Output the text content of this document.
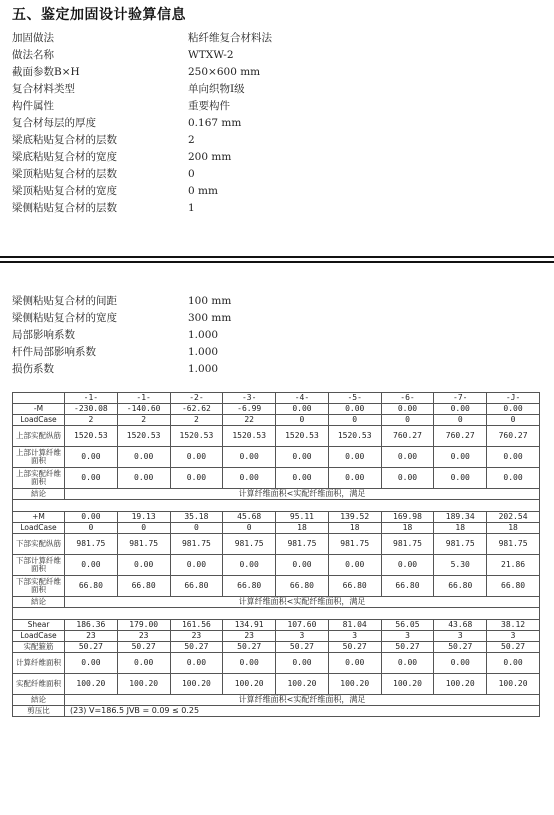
五、鉴定加固设计验算信息
加固做法	粘纤维复合材料法
做法名称	WTXW-2
截面参数B×H	250×600 mm
复合材料类型	单向织物I级
构件属性	重要构件
复合材每层的厚度	0.167 mm
梁底粘贴复合材的层数	2
梁底粘贴复合材的宽度	200 mm
梁顶粘贴复合材的层数	0
梁顶粘贴复合材的宽度	0 mm
梁侧粘贴复合材的层数	1
梁侧粘贴复合材的间距	100 mm
梁侧粘贴复合材的宽度	300 mm
局部影响系数	1.000
杆件局部影响系数	1.000
损伤系数	1.000
	-1-	-1-	-2-	-3-	-4-	-5-	-6-	-7-	-J-
-M	-230.08	-140.60	-62.62	-6.99	0.00	0.00	0.00	0.00	0.00
LoadCase	2	2	2	22	0	0	0	0	0
上部实配纵筋	1520.53	1520.53	1520.53	1520.53	1520.53	1520.53	760.27	760.27	760.27
上部计算纤维面积	0.00	0.00	0.00	0.00	0.00	0.00	0.00	0.00	0.00
上部实配纤维面积	0.00	0.00	0.00	0.00	0.00	0.00	0.00	0.00	0.00
結论	计算纤维面积<实配纤维面积，满足								

+M	0.00	19.13	35.18	45.68	95.11	139.52	169.98	189.34	202.54
LoadCase	0	0	0	0	18	18	18	18	18
下部实配纵筋	981.75	981.75	981.75	981.75	981.75	981.75	981.75	981.75	981.75
下部计算纤维面积	0.00	0.00	0.00	0.00	0.00	0.00	0.00	5.30	21.86
下部实配纤维面积	66.80	66.80	66.80	66.80	66.80	66.80	66.80	66.80	66.80
結论	计算纤维面积<实配纤维面积，满足								

Shear	186.36	179.00	161.56	134.91	107.60	81.04	56.05	43.68	38.12
LoadCase	23	23	23	23	3	3	3	3	3
实配箍筋	50.27	50.27	50.27	50.27	50.27	50.27	50.27	50.27	50.27
计算纤维面积	0.00	0.00	0.00	0.00	0.00	0.00	0.00	0.00	0.00
实配纤维面积	100.20	100.20	100.20	100.20	100.20	100.20	100.20	100.20	100.20
結论	计算纤维面积<实配纤维面积，满足								
剪压比	(23) V=186.5 JVB = 0.09 ≤ 0.25								
